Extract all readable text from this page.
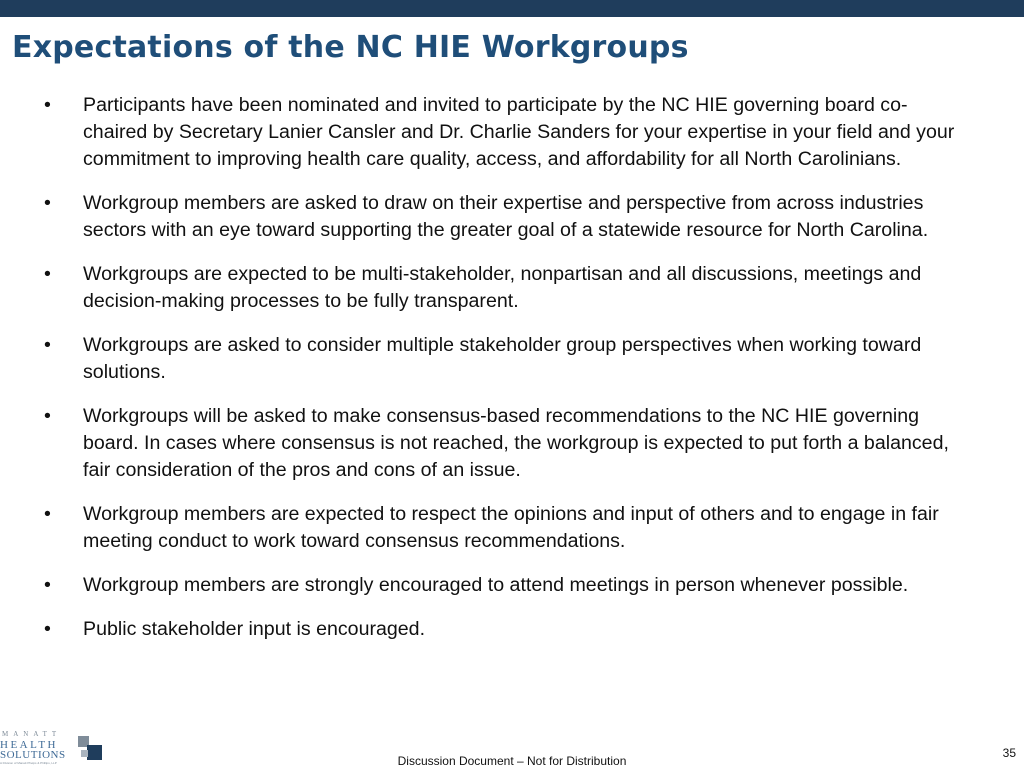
Expectations of the NC HIE Workgroups
• Participants have been nominated and invited to participate by the NC HIE governing board co-chaired by Secretary Lanier Cansler and Dr. Charlie Sanders for your expertise in your field and your commitment to improving health care quality, access, and affordability for all North Carolinians.
• Workgroup members are asked to draw on their expertise and perspective from across industries sectors with an eye toward supporting the greater goal of a statewide resource for North Carolina.
• Workgroups are expected to be multi-stakeholder, nonpartisan and all discussions, meetings and decision-making processes to be fully transparent.
• Workgroups are asked to consider multiple stakeholder group perspectives when working toward solutions.
• Workgroups will be asked to make consensus-based recommendations to the NC HIE governing board. In cases where consensus is not reached, the workgroup is expected to put forth a balanced, fair consideration of the pros and cons of an issue.
• Workgroup members are expected to respect the opinions and input of others and to engage in fair meeting conduct to work toward consensus recommendations.
• Workgroup members are strongly encouraged to attend meetings in person whenever possible.
• Public stakeholder input is encouraged.
MANATT
HEALTH
SOLUTIONS
A Division of Manatt Phelps & Phillips, LLP	Discussion Document – Not for Distribution
35
